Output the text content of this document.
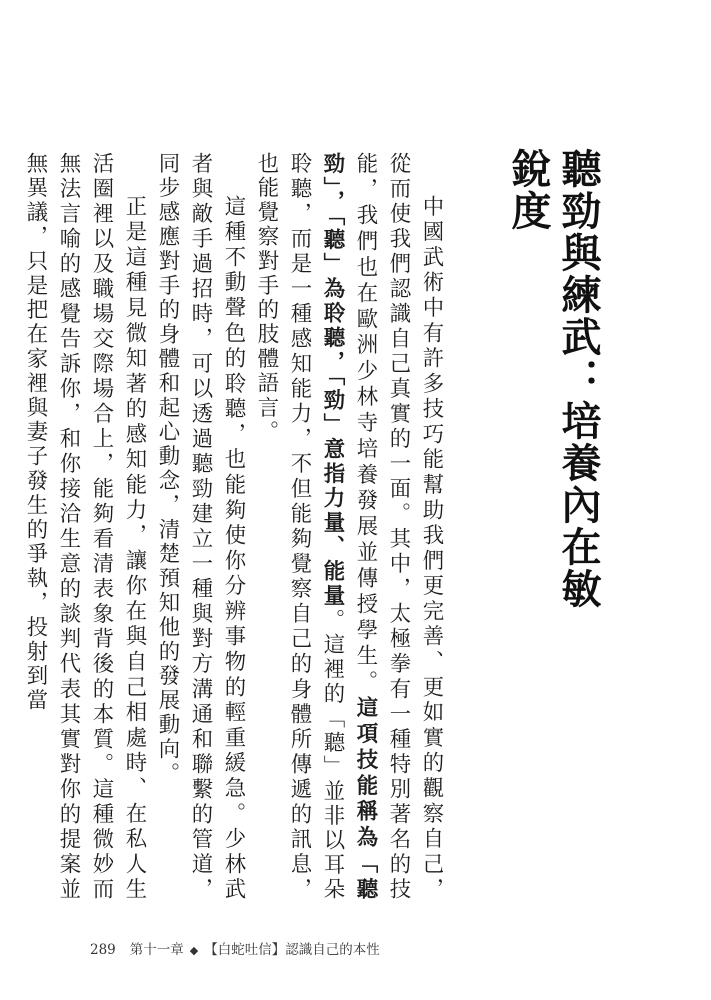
聽勁與練武：培養內在敏銳度

中國武術中有許多技巧能幫助我們更完善、更如實的觀察自己，從而使我們認識自己真實的一面。其中，太極拳有一種特別著名的技能，我們也在歐洲少林寺培養發展並傳授學生。這項技能稱為「聽勁」，「聽」為聆聽，「勁」意指力量、能量。這裡的「聽」並非以耳朵聆聽，而是一種感知能力，不但能夠覺察自己的身體所傳遞的訊息，也能覺察對手的肢體語言。

這種不動聲色的聆聽，也能夠使你分辨事物的輕重緩急。少林武者與敵手過招時，可以透過聽勁建立一種與對方溝通和聯繫的管道，同步感應對手的身體和起心動念，清楚預知他的發展動向。

正是這種見微知著的感知能力，讓你在與自己相處時、在私人生活圈裡以及職場交際場合上，能夠看清表象背後的本質。這種微妙而無法言喻的感覺告訴你，和你接洽生意的談判代表其實對你的提案並無異議，只是把在家裡與妻子發生的爭執，投射到當

289 第十一章 ◆ 【白蛇吐信】認識自己的本性
